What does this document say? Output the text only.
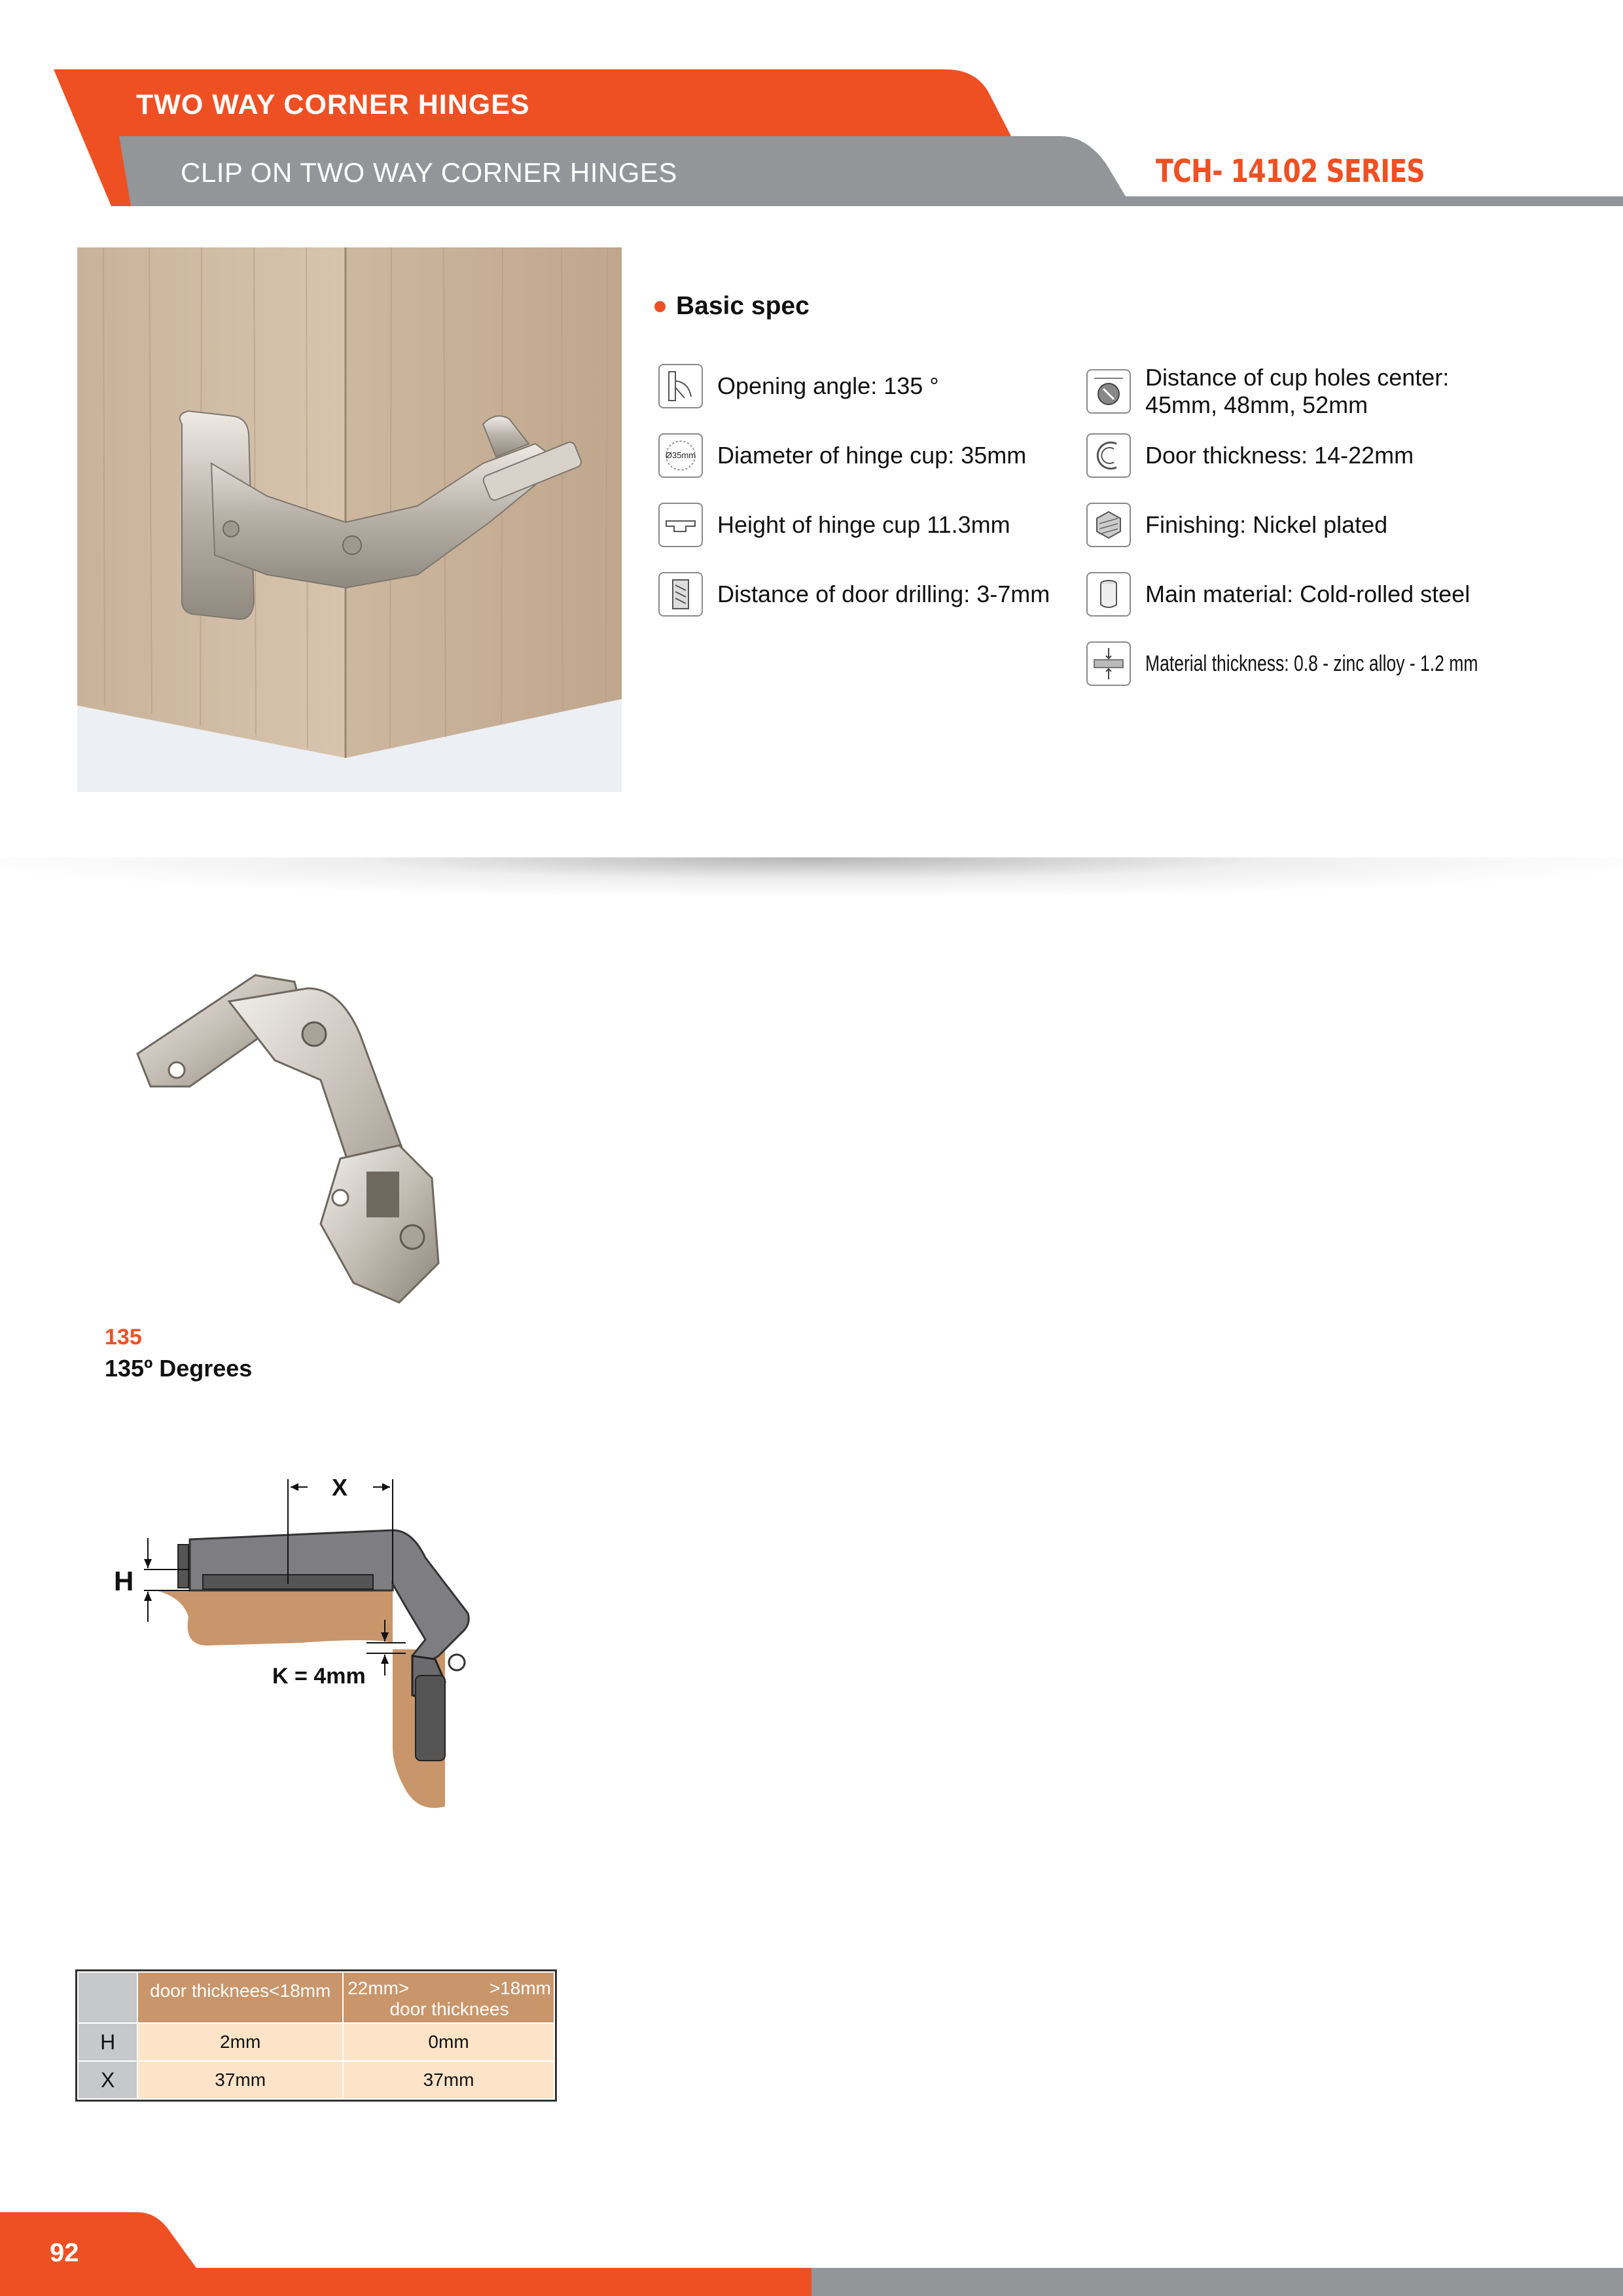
TWO WAY CORNER HINGES
CLIP ON TWO WAY CORNER HINGES	TCH- 14102 SERIES
Basic spec
Opening angle: 135 °
Ø35mm Diameter of hinge cup: 35mm
Height of hinge cup 11.3mm
Distance of door drilling: 3-7mm
Distance of cup holes center:
45mm, 48mm, 52mm
Door thickness: 14-22mm
Finishing: Nickel plated
Main material: Cold-rolled steel
Material thickness: 0.8 - zinc alloy - 1.2 mm
135
135º Degrees
X
H
K = 4mm
	door thicknees<18mm	22mm> >18mm
door thicknees

H	2mm	0mm
X	37mm	37mm
92
